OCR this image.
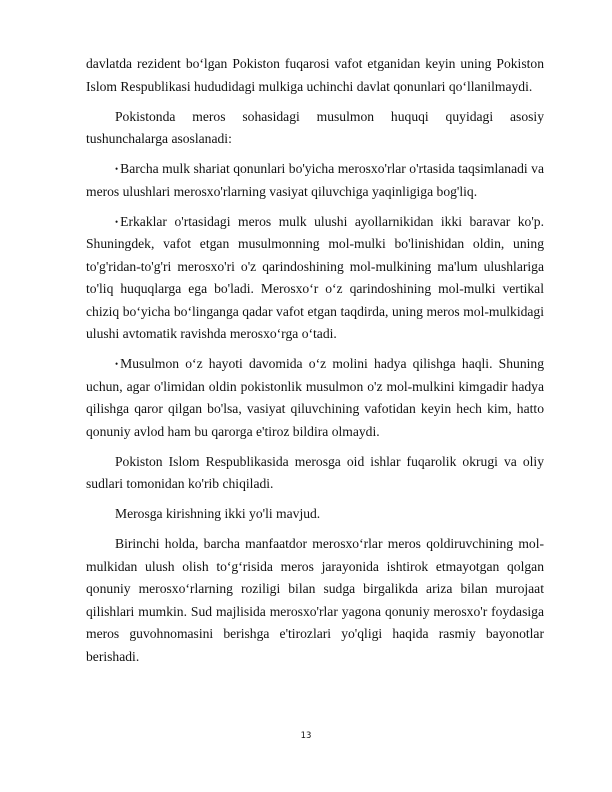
davlatda rezident bo‘lgan Pokiston fuqarosi vafot etganidan keyin uning Pokiston Islom Respublikasi hududidagi mulkiga uchinchi davlat qonunlari qo‘llanilmaydi.

Pokistonda meros sohasidagi musulmon huquqi quyidagi asosiy tushunchalarga asoslanadi:

• Barcha mulk shariat qonunlari bo'yicha merosxo'rlar o'rtasida taqsimlanadi va meros ulushlari merosxo'rlarning vasiyat qiluvchiga yaqinligiga bog'liq.

• Erkaklar o'rtasidagi meros mulk ulushi ayollarnikidan ikki baravar ko'p. Shuningdek, vafot etgan musulmonning mol-mulki bo'linishidan oldin, uning to'g'ridan-to'g'ri merosxo'ri o'z qarindoshining mol-mulkining ma'lum ulushlariga to'liq huquqlarga ega bo'ladi. Merosxo‘r o‘z qarindoshining mol-mulki vertikal chiziq bo‘yicha bo‘linganga qadar vafot etgan taqdirda, uning meros mol-mulkidagi ulushi avtomatik ravishda merosxo‘rga o‘tadi.

• Musulmon o‘z hayoti davomida o‘z molini hadya qilishga haqli. Shuning uchun, agar o'limidan oldin pokistonlik musulmon o'z mol-mulkini kimgadir hadya qilishga qaror qilgan bo'lsa, vasiyat qiluvchining vafotidan keyin hech kim, hatto qonuniy avlod ham bu qarorga e'tiroz bildira olmaydi.

Pokiston Islom Respublikasida merosga oid ishlar fuqarolik okrugi va oliy sudlari tomonidan ko'rib chiqiladi.

Merosga kirishning ikki yo'li mavjud.

Birinchi holda, barcha manfaatdor merosxo‘rlar meros qoldiruvchining mol-mulkidan ulush olish to‘g‘risida meros jarayonida ishtirok etmayotgan qolgan qonuniy merosxo‘rlarning roziligi bilan sudga birgalikda ariza bilan murojaat qilishlari mumkin. Sud majlisida merosxo'rlar yagona qonuniy merosxo'r foydasiga meros guvohnomasini berishga e'tirozlari yo'qligi haqida rasmiy bayonotlar berishadi.

13
